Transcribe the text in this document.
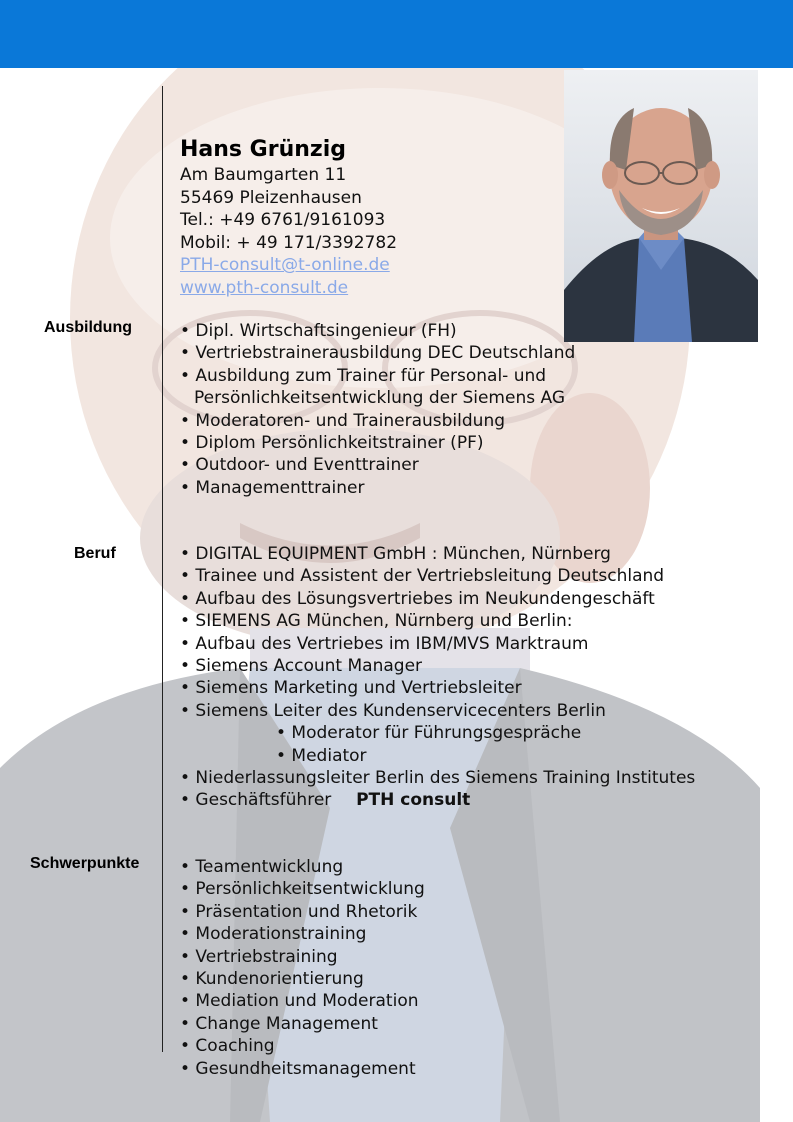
Ausbildung
Beruf
Schwerpunkte
Hans Grünzig
Am Baumgarten 11
55469 Pleizenhausen
Tel.: +49 6761/9161093
Mobil: + 49 171/3392782
PTH-consult@t-online.de
www.pth-consult.de
• Dipl. Wirtschaftsingenieur (FH)
• Vertriebstrainerausbildung DEC Deutschland
• Ausbildung zum Trainer für Personal- und
Persönlichkeitsentwicklung der Siemens AG
• Moderatoren- und Trainerausbildung
• Diplom Persönlichkeitstrainer (PF)
• Outdoor- und Eventtrainer
• Managementtrainer
• DIGITAL EQUIPMENT GmbH : München, Nürnberg
• Trainee und Assistent der Vertriebsleitung Deutschland
• Aufbau des Lösungsvertriebes im Neukundengeschäft
• SIEMENS AG München, Nürnberg und Berlin:
• Aufbau des Vertriebes im IBM/MVS Marktraum
• Siemens Account Manager
• Siemens Marketing und Vertriebsleiter
• Siemens Leiter des Kundenservicecenters Berlin
• Moderator für Führungsgespräche
• Mediator
• Niederlassungsleiter Berlin des Siemens Training Institutes
• Geschäftsführer PTH consult
• Teamentwicklung
• Persönlichkeitsentwicklung
• Präsentation und Rhetorik
• Moderationstraining
• Vertriebstraining
• Kundenorientierung
• Mediation und Moderation
• Change Management
• Coaching
• Gesundheitsmanagement
